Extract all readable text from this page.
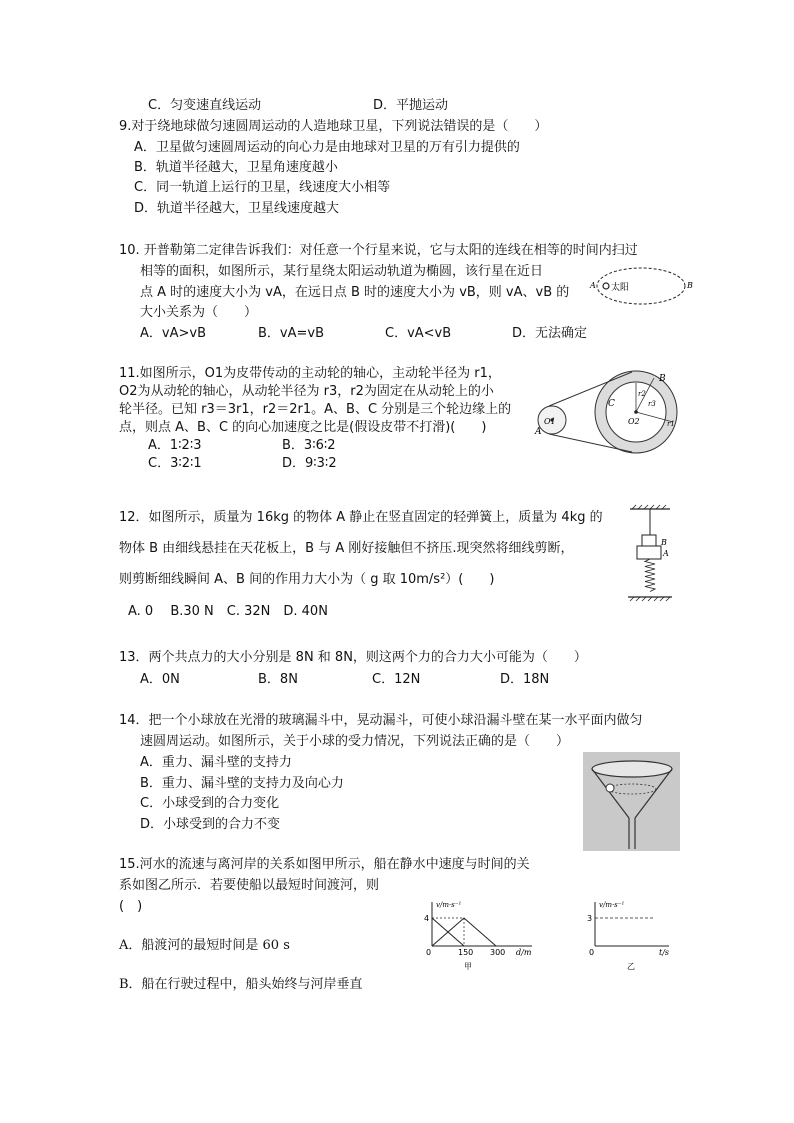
C．匀变速直线运动	D．平抛运动
9.对于绕地球做匀速圆周运动的人造地球卫星，下列说法错误的是（　　）
A．卫星做匀速圆周运动的向心力是由地球对卫星的万有引力提供的
B．轨道半径越大，卫星角速度越小
C．同一轨道上运行的卫星，线速度大小相等
D．轨道半径越大，卫星线速度越大
10. 开普勒第二定律告诉我们：对任意一个行星来说，它与太阳的连线在相等的时间内扫过
相等的面积，如图所示，某行星绕太阳运动轨道为椭圆，该行星在近日
点 A 时的速度大小为 vA，在远日点 B 时的速度大小为 vB，则 vA、vB 的
大小关系为（　　）
A．vA>vB	B．vA=vB	C．vA<vB	D．无法确定
太阳
A	B
11.如图所示，O1为皮带传动的主动轮的轴心，主动轮半径为 r1，
O2为从动轮的轴心，从动轮半径为 r3，r2为固定在从动轮上的小
轮半径。已知 r3＝3r1，r2＝2r1。A、B、C 分别是三个轮边缘上的
点，则点 A、B、C 的向心加速度之比是(假设皮带不打滑)(　　)
A．1∶2∶3	B．3∶6∶2
C．3∶2∶1	D．9∶3∶2
B
C
A
O1	O2
r2
r3
r1
12．如图所示，质量为 16kg 的物体 A 静止在竖直固定的轻弹簧上，质量为 4kg 的
物体 B 由细线悬挂在天花板上，B 与 A 刚好接触但不挤压.现突然将细线剪断，
则剪断细线瞬间 A、B 间的作用力大小为（ g 取 10m/s²）(　　)
A. 0　 B.30 N　C. 32N　D. 40N
B
A
13．两个共点力的大小分别是 8N 和 8N，则这两个力的合力大小可能为（　　）
A．0N	B．8N	C．12N	D．18N
14．把一个小球放在光滑的玻璃漏斗中，晃动漏斗，可使小球沿漏斗壁在某一水平面内做匀
速圆周运动。如图所示，关于小球的受力情况，下列说法正确的是（　　）
A．重力、漏斗壁的支持力
B．重力、漏斗壁的支持力及向心力
C．小球受到的合力变化
D．小球受到的合力不变
15.河水的流速与离河岸的关系如图甲所示，船在静水中速度与时间的关
系如图乙所示．若要使船以最短时间渡河，则
(　)
A．船渡河的最短时间是 60 s
B．船在行驶过程中，船头始终与河岸垂直
v/m·s⁻¹
4
0	150 300 d/m
甲
v/m·s⁻¹
3
0	t/s
乙
